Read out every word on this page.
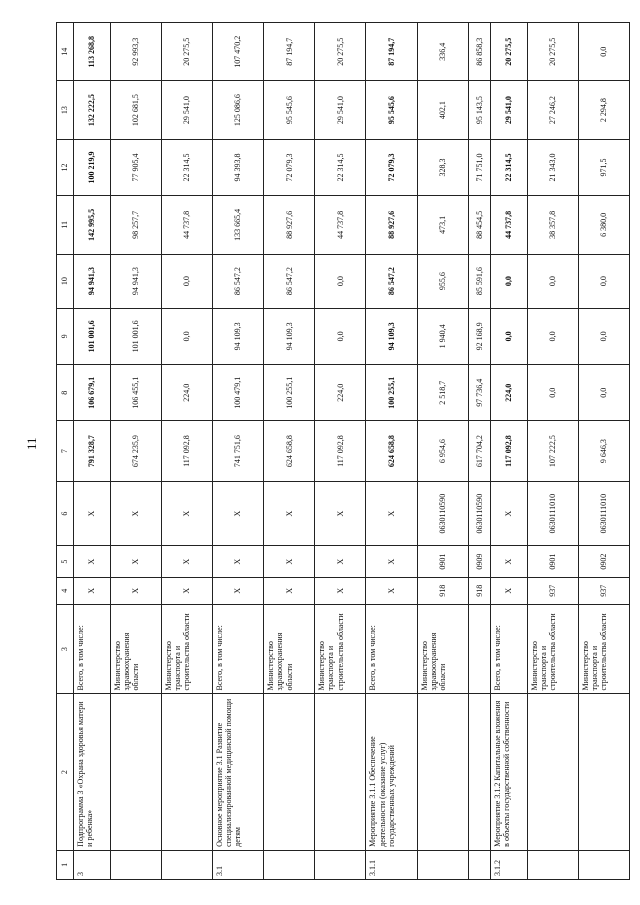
11
1	2	3	4	5	6	7	8	9	10	11	12	13	14
3	Подпрограмма 3 «Охрана здоровья матери и ребенка»	Всего, в том числе:	X	X	X	791 328,7	106 679,1	101 001,6	94 941,3	142 995,5	100 219,9	132 222,5	113 268,8
		Министерство здравоохранения области	X	X	X	674 235,9	106 455,1	101 001,6	94 941,3	98 257,7	77 905,4	102 681,5	92 993,3
		Министерство транспорта и строительства области	X	X	X	117 092,8	224,0	0,0	0,0	44 737,8	22 314,5	29 541,0	20 275,5
3.1	Основное мероприятие 3.1 Развитие специализированной медицинской помощи детям	Всего, в том числе:	X	X	X	741 751,6	100 479,1	94 109,3	86 547,2	133 665,4	94 393,8	125 086,6	107 470,2
		Министерство здравоохранения области	X	X	X	624 658,8	100 255,1	94 109,3	86 547,2	88 927,6	72 079,3	95 545,6	87 194,7
		Министерство транспорта и строительства области	X	X	X	117 092,8	224,0	0,0	0,0	44 737,8	22 314,5	29 541,0	20 275,5
3.1.1	Мероприятие 3.1.1 Обеспечение деятельности (оказание услуг) государственных учреждений	Всего, в том числе:	X	X	X	624 658,8	100 255,1	94 109,3	86 547,2	88 927,6	72 079,3	95 545,6	87 194,7
		Министерство здравоохранения области	918	0901	0630110590	6 954,6	2 518,7	1 940,4	955,6	473,1	328,3	402,1	336,4
			918	0909	0630110590	617 704,2	97 736,4	92 168,9	85 591,6	88 454,5	71 751,0	95 143,5	86 858,3
3.1.2	Мероприятие 3.1.2 Капитальные вложения в объекты государственной собственности	Всего, в том числе:	X	X	X	117 092,8	224,0	0,0	0,0	44 737,8	22 314,5	29 541,0	20 275,5
		Министерство транспорта и строительства области	937	0901	0630111010	107 222,5	0,0	0,0	0,0	38 357,8	21 343,0	27 246,2	20 275,5
		Министерство транспорта и строительства области	937	0902	0630111010	9 646,3	0,0	0,0	0,0	6 380,0	971,5	2 294,8	0,0
